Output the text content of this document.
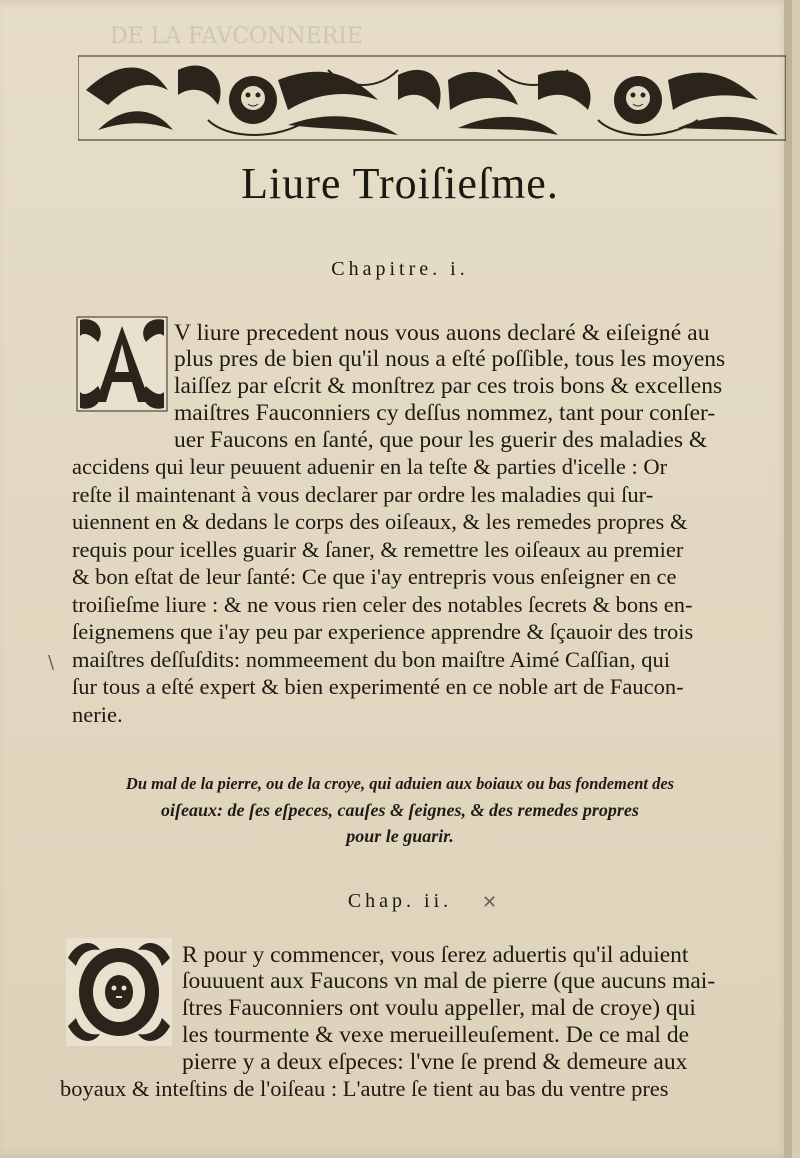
DE LA FAVCONNERIE
Liure Troiſieſme.
Chapitre. i.

V liure precedent nous vous auons declaré & eiſeigné au

plus pres de bien qu'il nous a eſté poſſible, tous les moyens

laiſſez par eſcrit & monſtrez par ces trois bons & excellens

maiſtres Fauconniers cy deſſus nommez, tant pour conſer-

uer Faucons en ſanté, que pour les guerir des maladies &

accidens qui leur peuuent aduenir en la teſte & parties d'icelle : Or

reſte il maintenant à vous declarer par ordre les maladies qui ſur-

uiennent en & dedans le corps des oiſeaux, & les remedes propres &

requis pour icelles guarir & ſaner, & remettre les oiſeaux au premier

& bon eſtat de leur ſanté: Ce que i'ay entrepris vous enſeigner en ce

troiſieſme liure : & ne vous rien celer des notables ſecrets & bons en-

ſeignemens que i'ay peu par experience apprendre & ſçauoir des trois

maiſtres deſſuſdits: nommeement du bon maiſtre Aimé Caſſian, qui

ſur tous a eſté expert & bien experimenté en ce noble art de Faucon-

nerie.

\

Du mal de la pierre, ou de la croye, qui aduien aux boiaux ou bas fondement des

oiſeaux: de ſes eſpeces, cauſes & ſeignes, & des remedes propres

pour le guarir.

Chap. ii.	✕

R pour y commencer, vous ſerez aduertis qu'il aduient

ſouuuent aux Faucons vn mal de pierre (que aucuns mai-

ſtres Fauconniers ont voulu appeller, mal de croye) qui

les tourmente & vexe merueilleuſement. De ce mal de

pierre y a deux eſpeces: l'vne ſe prend & demeure aux

boyaux & inteſtins de l'oiſeau : L'autre ſe tient au bas du ventre pres
